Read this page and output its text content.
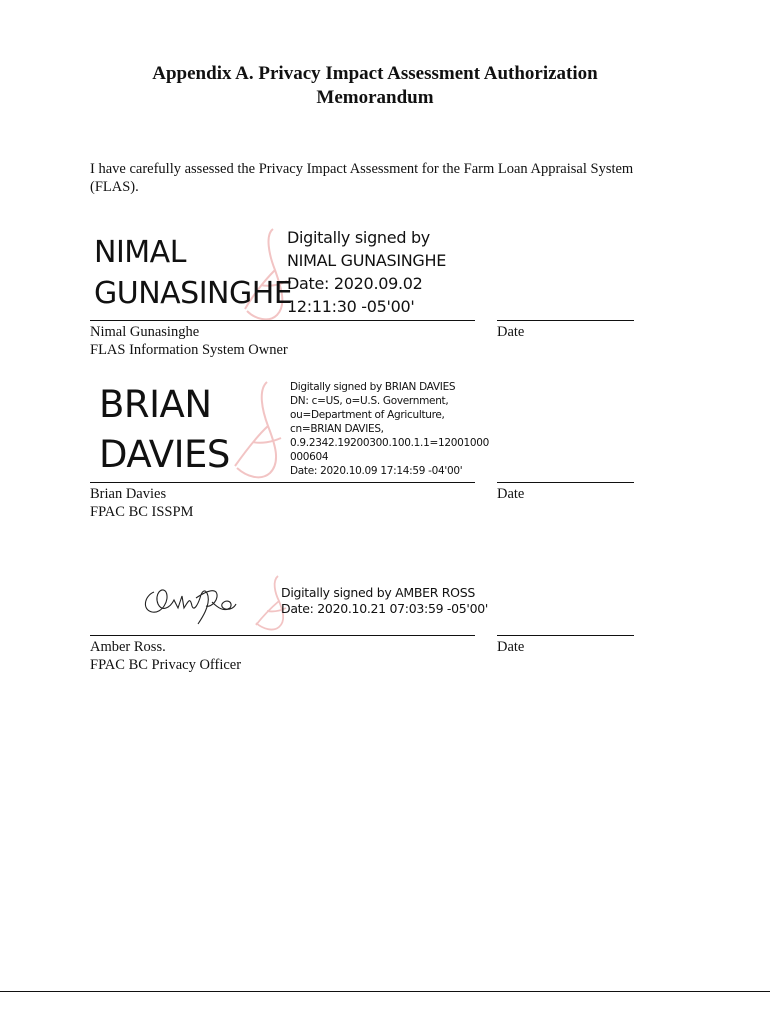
Appendix A. Privacy Impact Assessment Authorization
Memorandum
I have carefully assessed the Privacy Impact Assessment for the Farm Loan Appraisal System
(FLAS).
NIMAL
GUNASINGHE
Digitally signed by
NIMAL GUNASINGHE
Date: 2020.09.02
12:11:30 -05'00'
Nimal Gunasinghe
FLAS Information System Owner
Date
BRIAN
DAVIES
Digitally signed by BRIAN DAVIES
DN: c=US, o=U.S. Government,
ou=Department of Agriculture,
cn=BRIAN DAVIES,
0.9.2342.19200300.100.1.1=12001000
000604
Date: 2020.10.09 17:14:59 -04'00'
Brian Davies
FPAC BC ISSPM
Date
Digitally signed by AMBER ROSS
Date: 2020.10.21 07:03:59 -05'00'
Amber Ross.
FPAC BC Privacy Officer
Date
